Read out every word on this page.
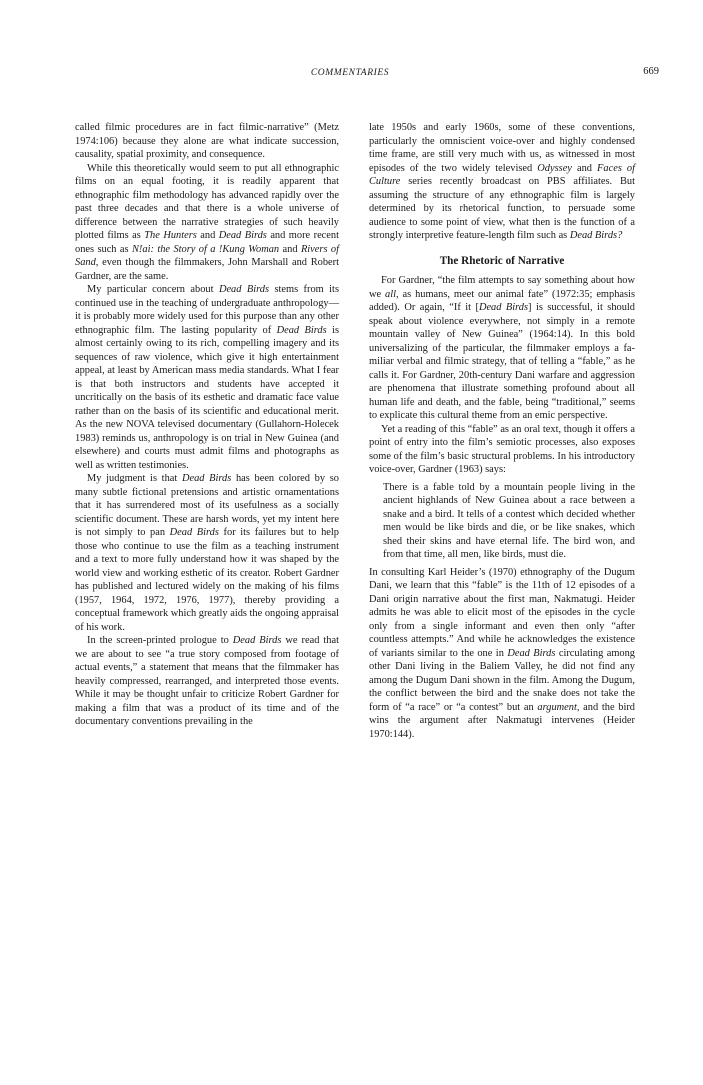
COMMENTARIES	669

called filmic procedures are in fact filmic-narrative” (Metz 1974:106) because they alone are what indicate succession, causality, spatial proximity, and consequence.

While this theoretically would seem to put all ethnographic films on an equal footing, it is readily apparent that ethnographic film methodology has advanced rapidly over the past three decades and that there is a whole universe of difference between the narrative strategies of such heavily plotted films as The Hunters and Dead Birds and more recent ones such as N!ai: the Story of a !Kung Woman and Rivers of Sand, even though the filmmakers, John Marshall and Robert Gardner, are the same.

My particular concern about Dead Birds stems from its continued use in the teaching of undergraduate anthropology—it is probably more widely used for this purpose than any other ethnographic film. The lasting popularity of Dead Birds is almost certainly owing to its rich, compelling imagery and its sequences of raw violence, which give it high entertainment appeal, at least by American mass media standards. What I fear is that both instructors and students have accepted it uncritically on the basis of its esthetic and dramatic face value rather than on the basis of its scientific and educational merit. As the new NOVA televised documentary (Gullahorn-Holecek 1983) reminds us, anthropology is on trial in New Guinea (and elsewhere) and courts must admit films and photographs as well as written testimonies.

My judgment is that Dead Birds has been colored by so many subtle fictional pretensions and artistic ornamentations that it has surrendered most of its usefulness as a socially scientific document. These are harsh words, yet my intent here is not simply to pan Dead Birds for its failures but to help those who continue to use the film as a teaching instrument and a text to more fully understand how it was shaped by the world view and working esthetic of its creator. Robert Gardner has published and lectured widely on the making of his films (1957, 1964, 1972, 1976, 1977), thereby providing a conceptual framework which greatly aids the ongoing appraisal of his work.

In the screen-printed prologue to Dead Birds we read that we are about to see “a true story composed from footage of actual events,” a statement that means that the filmmaker has heavily compressed, rearranged, and interpreted those events. While it may be thought unfair to criticize Robert Gardner for making a film that was a product of its time and of the documentary conventions prevailing in the

late 1950s and early 1960s, some of these conventions, particularly the omniscient voice-over and highly condensed time frame, are still very much with us, as witnessed in most episodes of the two widely televised Odyssey and Faces of Culture series recently broadcast on PBS affiliates. But assuming the structure of any ethnographic film is largely determined by its rhetorical function, to persuade some audience to some point of view, what then is the function of a strongly interpretive feature-length film such as Dead Birds?

The Rhetoric of Narrative

For Gardner, “the film attempts to say something about how we all, as humans, meet our animal fate” (1972:35; emphasis added). Or again, “If it [Dead Birds] is successful, it should speak about violence everywhere, not simply in a remote mountain valley of New Guinea” (1964:14). In this bold universalizing of the particular, the filmmaker employs a familiar verbal and filmic strategy, that of telling a “fable,” as he calls it. For Gardner, 20th-century Dani warfare and aggression are phenomena that illustrate something profound about all human life and death, and the fable, being “traditional,” seems to explicate this cultural theme from an emic perspective.

Yet a reading of this “fable” as an oral text, though it offers a point of entry into the film’s semiotic processes, also exposes some of the film’s basic structural problems. In his introductory voice-over, Gardner (1963) says:

There is a fable told by a mountain people living in the ancient highlands of New Guinea about a race between a snake and a bird. It tells of a contest which decided whether men would be like birds and die, or be like snakes, which shed their skins and have eternal life. The bird won, and from that time, all men, like birds, must die.

In consulting Karl Heider’s (1970) ethnography of the Dugum Dani, we learn that this “fable” is the 11th of 12 episodes of a Dani origin narrative about the first man, Nakmatugi. Heider admits he was able to elicit most of the episodes in the cycle only from a single informant and even then only “after countless attempts.” And while he acknowledges the existence of variants similar to the one in Dead Birds circulating among other Dani living in the Baliem Valley, he did not find any among the Dugum Dani shown in the film. Among the Dugum, the conflict between the bird and the snake does not take the form of “a race” or “a contest” but an argument, and the bird wins the argument after Nakmatugi intervenes (Heider 1970:144).
